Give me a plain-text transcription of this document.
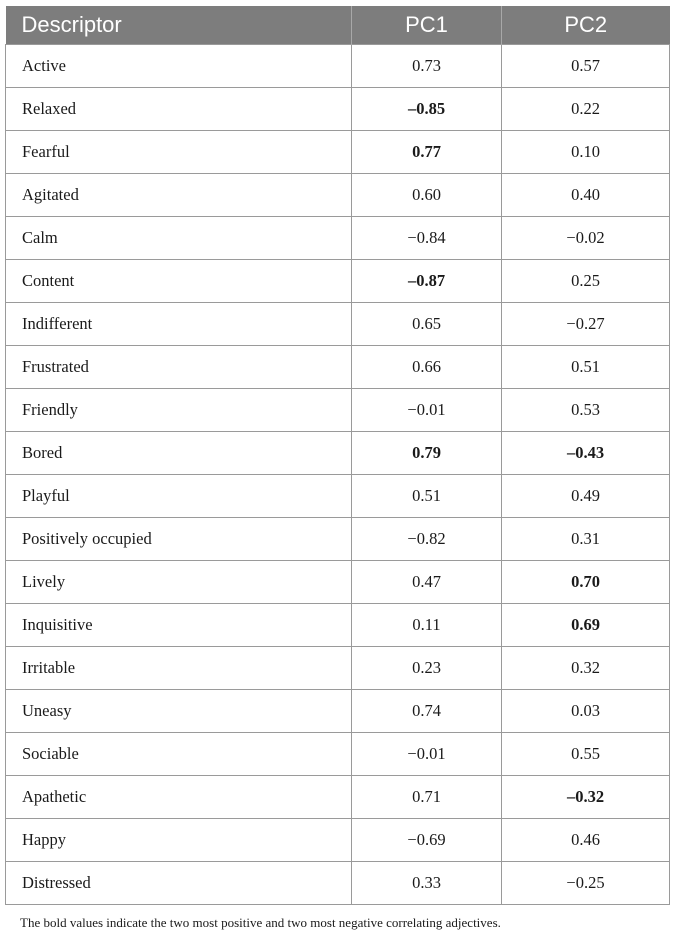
Descriptor	PC1	PC2
Active	0.73	0.57
Relaxed	–0.85	0.22
Fearful	0.77	0.10
Agitated	0.60	0.40
Calm	−0.84	−0.02
Content	–0.87	0.25
Indifferent	0.65	−0.27
Frustrated	0.66	0.51
Friendly	−0.01	0.53
Bored	0.79	–0.43
Playful	0.51	0.49
Positively occupied	−0.82	0.31
Lively	0.47	0.70
Inquisitive	0.11	0.69
Irritable	0.23	0.32
Uneasy	0.74	0.03
Sociable	−0.01	0.55
Apathetic	0.71	–0.32
Happy	−0.69	0.46
Distressed	0.33	−0.25
The bold values indicate the two most positive and two most negative correlating adjectives.
